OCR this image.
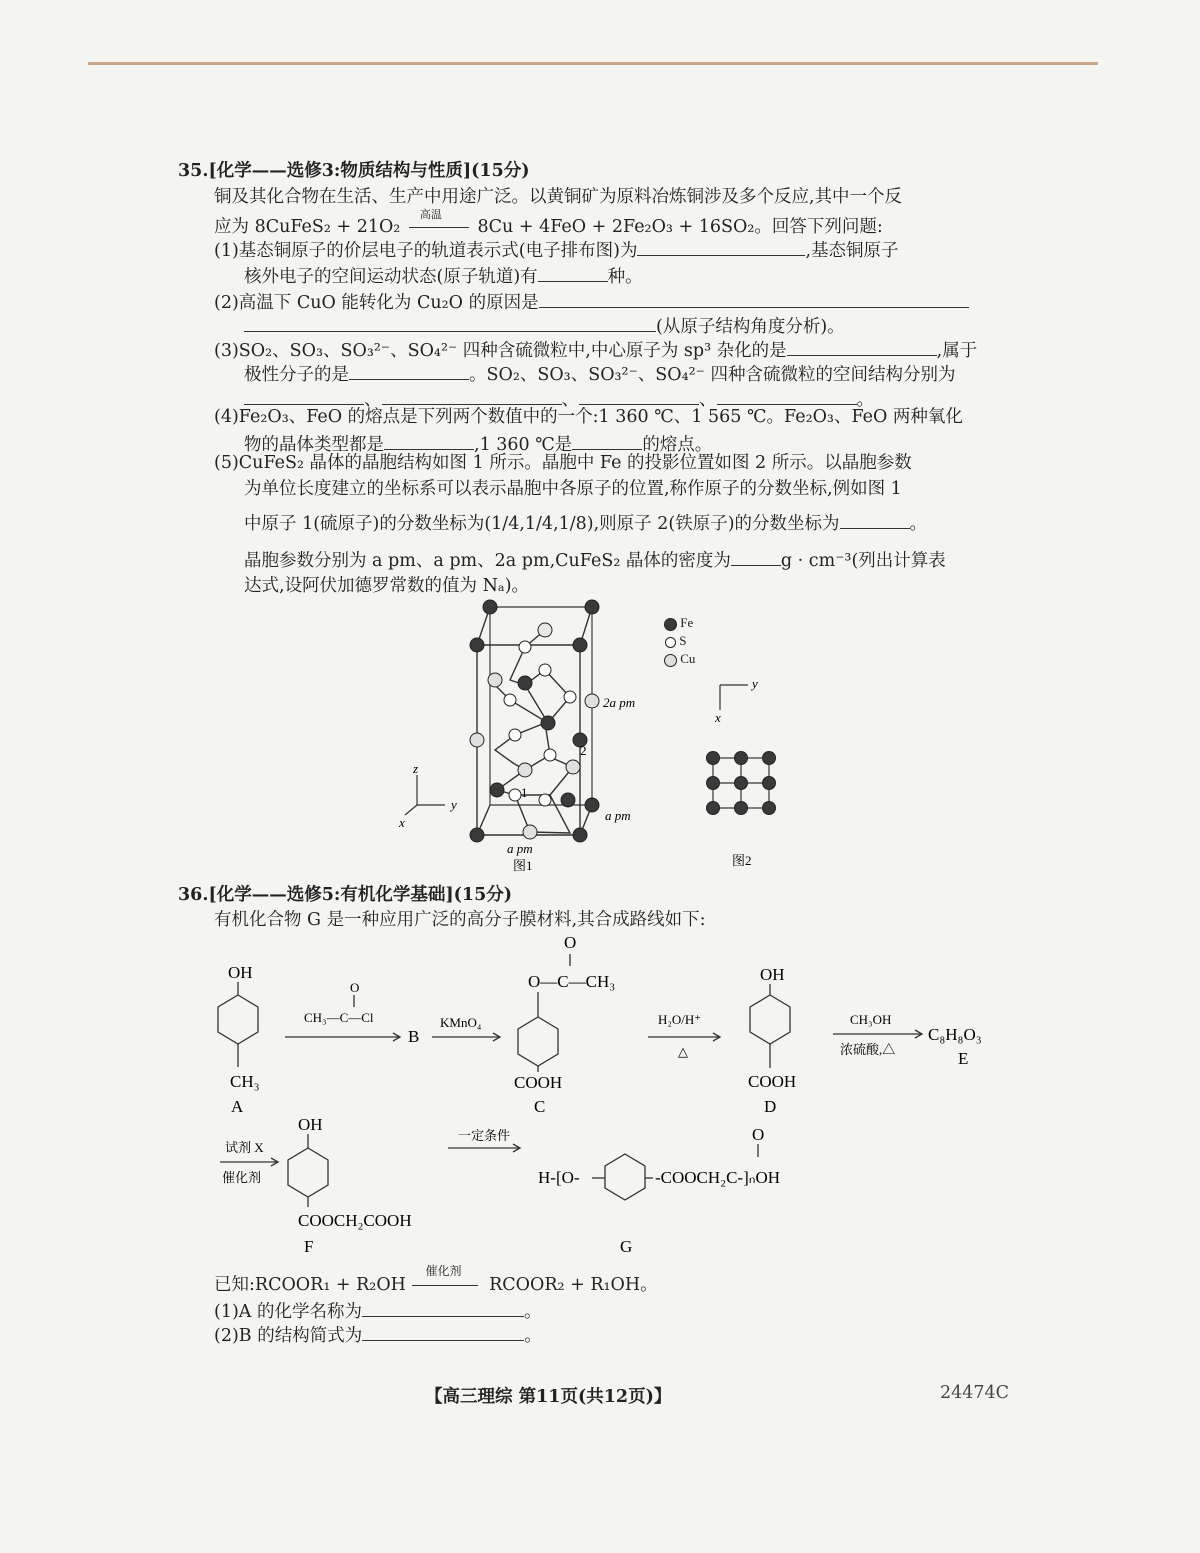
35.[化学——选修3:物质结构与性质](15分)
铜及其化合物在生活、生产中用途广泛。以黄铜矿为原料冶炼铜涉及多个反应,其中一个反
应为 8CuFeS₂ + 21O₂
高温
8Cu + 4FeO + 2Fe₂O₃ + 16SO₂。回答下列问题:
(1)基态铜原子的价层电子的轨道表示式(电子排布图)为	,基态铜原子
核外电子的空间运动状态(原子轨道)有	种。
(2)高温下 CuO 能转化为 Cu₂O 的原因是
(从原子结构角度分析)。
(3)SO₂、SO₃、SO₃²⁻、SO₄²⁻ 四种含硫微粒中,中心原子为 sp³ 杂化的是	,属于
极性分子的是	。SO₂、SO₃、SO₃²⁻、SO₄²⁻ 四种含硫微粒的空间结构分别为
、	、	、	。
(4)Fe₂O₃、FeO 的熔点是下列两个数值中的一个:1 360 ℃、1 565 ℃。Fe₂O₃、FeO 两种氧化
物的晶体类型都是	,1 360 ℃是	的熔点。
(5)CuFeS₂ 晶体的晶胞结构如图 1 所示。晶胞中 Fe 的投影位置如图 2 所示。以晶胞参数
为单位长度建立的坐标系可以表示晶胞中各原子的位置,称作原子的分数坐标,例如图 1
中原子 1(硫原子)的分数坐标为(1/4,1/4,1/8),则原子 2(铁原子)的分数坐标为	。
晶胞参数分别为 a pm、a pm、2a pm,CuFeS₂ 晶体的密度为	g · cm⁻³(列出计算表
达式,设阿伏加德罗常数的值为 Nₐ)。
1
2
2a pm
a pm
a pm
图1
z
y
x
Fe
S
Cu
y
x
图2
36.[化学——选修5:有机化学基础](15分)
有机化合物 G 是一种应用广泛的高分子膜材料,其合成路线如下:
OH
CH₃
A
O
CH₃—C—Cl
B
KMnO₄
O
O—C—CH₃
COOH
C
H₂O/H⁺
△
OH
COOH
D
CH₃OH
浓硫酸,△
C₈H₈O₃
E
试剂 X
催化剂
OH
COOCH₂COOH
F
一定条件	O
H-[O-	-COOCH₂C-]ₙOH
G
已知:RCOOR₁ + R₂OH
催化剂
RCOOR₂ + R₁OH。
(1)A 的化学名称为	。
(2)B 的结构简式为	。
【高三理综 第11页(共12页)】	24474C
